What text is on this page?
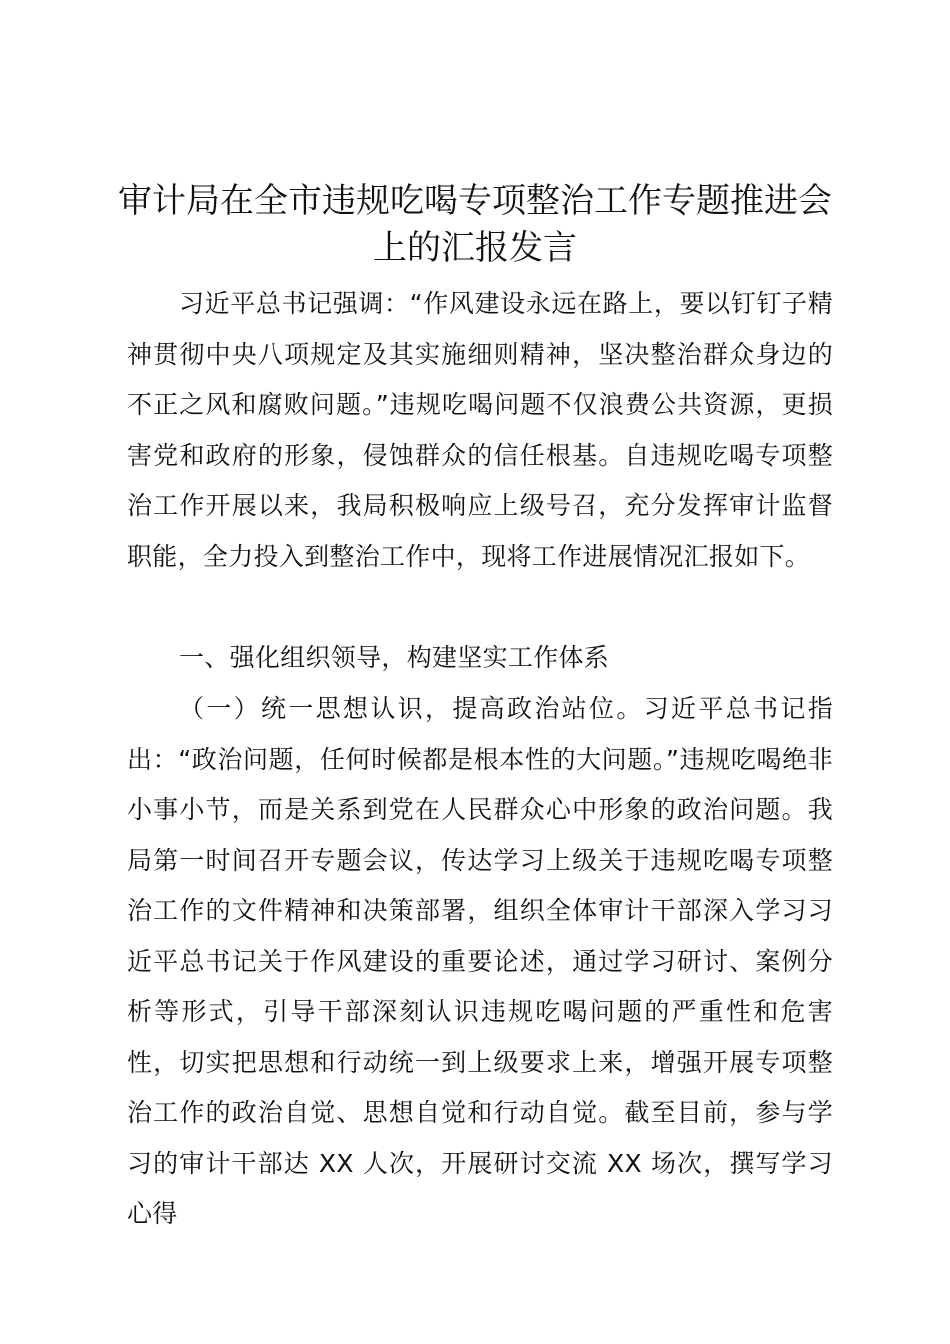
审计局在全市违规吃喝专项整治工作专题推进会上的汇报发言

习近平总书记强调：“作风建设永远在路上，要以钉钉子精神贯彻中央八项规定及其实施细则精神，坚决整治群众身边的不正之风和腐败问题。”违规吃喝问题不仅浪费公共资源，更损害党和政府的形象，侵蚀群众的信任根基。自违规吃喝专项整治工作开展以来，我局积极响应上级号召，充分发挥审计监督职能，全力投入到整治工作中，现将工作进展情况汇报如下。

一、强化组织领导，构建坚实工作体系

（一）统一思想认识，提高政治站位。习近平总书记指出：“政治问题，任何时候都是根本性的大问题。”违规吃喝绝非小事小节，而是关系到党在人民群众心中形象的政治问题。我局第一时间召开专题会议，传达学习上级关于违规吃喝专项整治工作的文件精神和决策部署，组织全体审计干部深入学习习近平总书记关于作风建设的重要论述，通过学习研讨、案例分析等形式，引导干部深刻认识违规吃喝问题的严重性和危害性，切实把思想和行动统一到上级要求上来，增强开展专项整治工作的政治自觉、思想自觉和行动自觉。截至目前，参与学习的审计干部达 XX 人次，开展研讨交流 XX 场次，撰写学习心得
